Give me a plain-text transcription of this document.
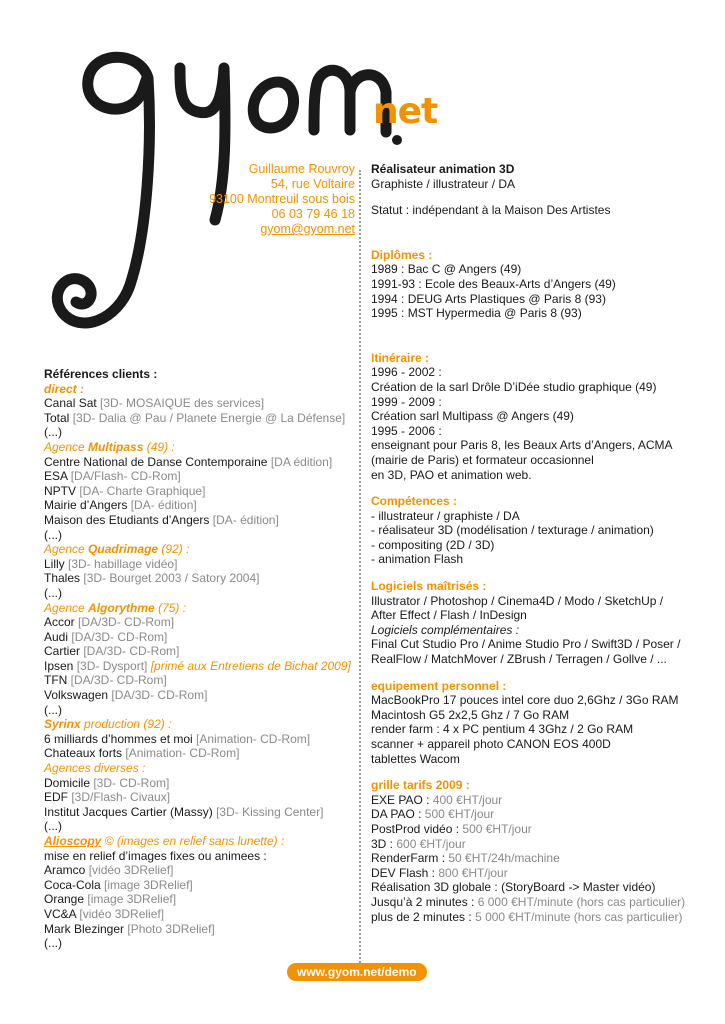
net
Guillaume Rouvroy
54, rue Voltaire
93100 Montreuil sous bois
06 03 79 46 18
gyom@gyom.net
Réalisateur animation 3D
Graphiste / illustrateur / DA
Statut : indépendant à la Maison Des Artistes
Diplômes :
1989 : Bac C @ Angers (49)
1991-93 : Ecole des Beaux-Arts d’Angers (49)
1994 : DEUG Arts Plastiques @ Paris 8 (93)
1995 : MST Hypermedia @ Paris 8 (93)
Itinéraire :
1996 - 2002 :
Création de la sarl Drôle D’iDée studio graphique (49)
1999 - 2009 :
Création sarl Multipass @ Angers (49)
1995 - 2006 :
enseignant pour Paris 8, les Beaux Arts d’Angers, ACMA
(mairie de Paris) et formateur occasionnel
en 3D, PAO et animation web.
Compétences :
- illustrateur / graphiste / DA
- réalisateur 3D (modélisation / texturage / animation)
- compositing (2D / 3D)
- animation Flash
Logiciels maîtrisés :
Illustrator / Photoshop / Cinema4D / Modo / SketchUp /
After Effect / Flash / InDesign
Logiciels complémentaires :
Final Cut Studio Pro / Anime Studio Pro / Swift3D / Poser /
RealFlow / MatchMover / ZBrush / Terragen / Gollve / ...
equipement personnel :
MacBookPro 17 pouces intel core duo 2,6Ghz / 3Go RAM
Macintosh G5 2x2,5 Ghz / 7 Go RAM
render farm : 4 x PC pentium 4 3Ghz / 2 Go RAM
scanner + appareil photo CANON EOS 400D
tablettes Wacom
grille tarifs 2009 :
EXE PAO : 400 €HT/jour
DA PAO : 500 €HT/jour
PostProd vidéo : 500 €HT/jour
3D : 600 €HT/jour
RenderFarm : 50 €HT/24h/machine
DEV Flash : 800 €HT/jour
Réalisation 3D globale : (StoryBoard -> Master vidéo)
Jusqu’à 2 minutes : 6 000 €HT/minute (hors cas particulier)
plus de 2 minutes : 5 000 €HT/minute (hors cas particulier)
Références clients :
direct :
Canal Sat [3D- MOSAIQUE des services]
Total [3D- Dalia @ Pau / Planete Energie @ La Défense]
(...)
Agence Multipass (49) :
Centre National de Danse Contemporaine [DA édition]
ESA [DA/Flash- CD-Rom]
NPTV [DA- Charte Graphique]
Mairie d’Angers [DA- édition]
Maison des Etudiants d’Angers [DA- édition]
(...)
Agence Quadrimage (92) :
Lilly [3D- habillage vidéo]
Thales [3D- Bourget 2003 / Satory 2004]
(...)
Agence Algorythme (75) :
Accor [DA/3D- CD-Rom]
Audi [DA/3D- CD-Rom]
Cartier [DA/3D- CD-Rom]
Ipsen [3D- Dysport] [primé aux Entretiens de Bichat 2009]
TFN [DA/3D- CD-Rom]
Volkswagen [DA/3D- CD-Rom]
(...)
Syrinx production (92) :
6 milliards d’hommes et moi [Animation- CD-Rom]
Chateaux forts [Animation- CD-Rom]
Agences diverses :
Domicile [3D- CD-Rom]
EDF [3D/Flash- Civaux]
Institut Jacques Cartier (Massy) [3D- Kissing Center]
(...)
Alioscopy © (images en relief sans lunette) :
mise en relief d’images fixes ou animees :
Aramco [vidéo 3DRelief]
Coca-Cola [image 3DRelief]
Orange [image 3DRelief]
VC&A [vidéo 3DRelief]
Mark Blezinger [Photo 3DRelief]
(...)
www.gyom.net/demo
